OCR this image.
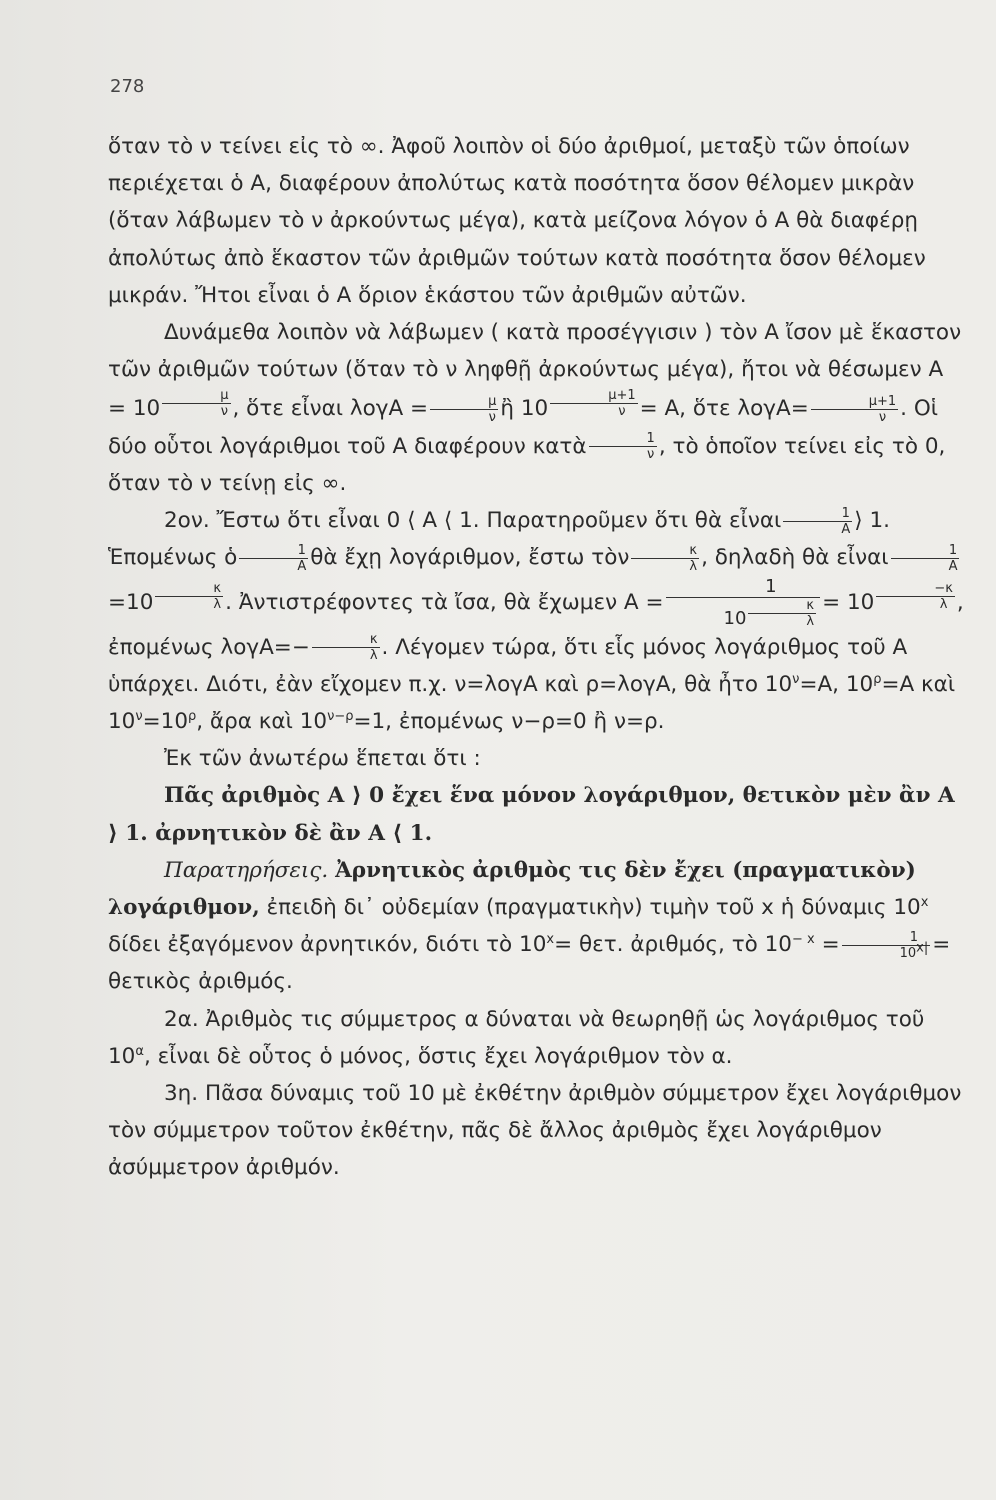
278

ὅταν τὸ ν τείνει εἰς τὸ ∞. Ἀφοῦ λοιπὸν οἱ δύο ἀριθμοί, μεταξὺ τῶν ὁποίων περιέχεται ὁ Α, διαφέρουν ἀπολύτως κατὰ ποσότητα ὅσον θέλομεν μικρὰν (ὅταν λάβωμεν τὸ ν ἀρκούντως μέγα), κατὰ μείζονα λόγον ὁ Α θὰ διαφέρῃ ἀπολύτως ἀπὸ ἕκαστον τῶν ἀριθμῶν τούτων κατὰ ποσότητα ὅσον θέλομεν μικράν. Ἤτοι εἶναι ὁ Α ὅριον ἑκάστου τῶν ἀριθμῶν αὐτῶν.

Δυνάμεθα λοιπὸν νὰ λάβωμεν ( κατὰ προσέγγισιν ) τὸν Α ἴσον μὲ ἕκαστον τῶν ἀριθμῶν τούτων (ὅταν τὸ ν ληφθῇ ἀρκούντως μέγα), ἤτοι νὰ θέσωμεν Α = 10 $^{\frac{\mu}{\nu}}$ , ὅτε εἶναι $\lambda o\gamma A = \frac{\mu}{\nu}$ ἢ 10 $^{\frac{\mu+1}{\nu}}$ = Α, ὅτε $\lambda o\gamma A= \frac{\mu+1}{\nu}$ . Οἱ δύο οὗτοι λογάριθμοι τοῦ Α διαφέρουν κατὰ $\frac{1}{\nu}$ , τὸ ὁποῖον τείνει εἰς τὸ 0, ὅταν τὸ ν τείνῃ εἰς ∞.

2ον. Ἔστω ὅτι εἶναι 0 ⟨ Α ⟨ 1. Παρατηροῦμεν ὅτι θὰ εἶναι $\frac{1}{A}$ ⟩ 1. Ἑπομένως ὁ $\frac{1}{A}$ θὰ ἔχῃ λογάριθμον, ἔστω τὸν $\frac{\kappa}{\lambda}$ , δηλαδὴ θὰ εἶναι $\frac{1}{A}$
=10 $^{\frac{\kappa}{\lambda}}$ . Ἀντιστρέφοντες τὰ ἴσα, θὰ ἔχωμεν Α = 1
10 $^{\frac{\kappa}{\lambda}}$ = 10 $^{\frac{-\kappa}{\lambda}}$ , ἐπομένως $\lambda o\gamma A=- \frac{\kappa}{\lambda}$ . Λέγομεν τώρα, ὅτι εἷς μόνος λογάριθμος τοῦ Α ὑπάρχει. Διότι, ἐὰν εἴχομεν π.χ. ν=λογΑ καὶ ρ=λογΑ, θὰ ἦτο $10^\nu=A$, $10^\rho=A$ καὶ $10^\nu=10^\rho$, ἄρα καὶ $10^{\nu-\rho}=1$, ἐπομένως ν−ρ=0 ἢ ν=ρ.

Ἐκ τῶν ἀνωτέρω ἕπεται ὅτι :

Πᾶς ἀριθμὸς Α ⟩ 0 ἔχει ἕνα μόνον λογάριθμον, θετικὸν μὲν ἂν Α ⟩ 1. ἀρνητικὸν δὲ ἂν Α ⟨ 1.

Παρατηρήσεις. Ἀρνητικὸς ἀριθμὸς τις δὲν ἔχει (πραγματικὸν) λογάριθμον, ἐπειδὴ δι᾽ οὐδεμίαν (πραγματικὴν) τιμὴν τοῦ x ἡ δύναμις 10$^x$ δίδει ἐξαγόμενον ἀρνητικόν, διότι τὸ $10^x= \theta\varepsilon\tau$. ἀριθμός, τὸ $10^{- x} = \frac{1}{10^{x|}}$ = θετικὸς ἀριθμός.

2α. Ἀριθμὸς τις σύμμετρος α δύναται νὰ θεωρηθῇ ὡς λογάριθμος τοῦ $10^\alpha$, εἶναι δὲ οὗτος ὁ μόνος, ὅστις ἔχει λογάριθμον τὸν α.

3η. Πᾶσα δύναμις τοῦ 10 μὲ ἐκθέτην ἀριθμὸν σύμμετρον ἔχει λογάριθμον τὸν σύμμετρον τοῦτον ἐκθέτην, πᾶς δὲ ἄλλος ἀριθμὸς ἔχει λογάριθμον ἀσύμμετρον ἀριθμόν.
